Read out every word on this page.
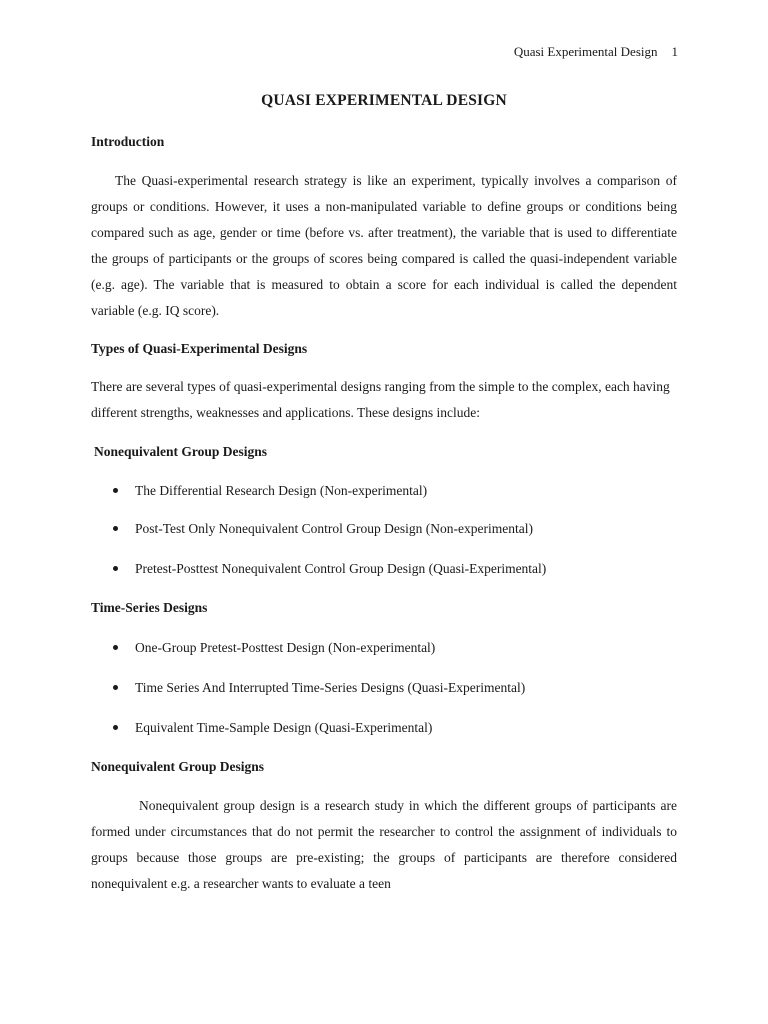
Quasi Experimental Design 1
QUASI EXPERIMENTAL DESIGN
Introduction

The Quasi-experimental research strategy is like an experiment, typically involves a comparison of groups or conditions. However, it uses a non-manipulated variable to define groups or conditions being compared such as age, gender or time (before vs. after treatment), the variable that is used to differentiate the groups of participants or the groups of scores being compared is called the quasi-independent variable (e.g. age). The variable that is measured to obtain a score for each individual is called the dependent variable (e.g. IQ score).

Types of Quasi-Experimental Designs

There are several types of quasi-experimental designs ranging from the simple to the complex, each having different strengths, weaknesses and applications. These designs include:

Nonequivalent Group Designs
The Differential Research Design (Non-experimental)
Post-Test Only Nonequivalent Control Group Design (Non-experimental)
Pretest-Posttest Nonequivalent Control Group Design (Quasi-Experimental)
Time-Series Designs
One-Group Pretest-Posttest Design (Non-experimental)
Time Series And Interrupted Time-Series Designs (Quasi-Experimental)
Equivalent Time-Sample Design (Quasi-Experimental)
Nonequivalent Group Designs

Nonequivalent group design is a research study in which the different groups of participants are formed under circumstances that do not permit the researcher to control the assignment of individuals to groups because those groups are pre-existing; the groups of participants are therefore considered nonequivalent e.g. a researcher wants to evaluate a teen
